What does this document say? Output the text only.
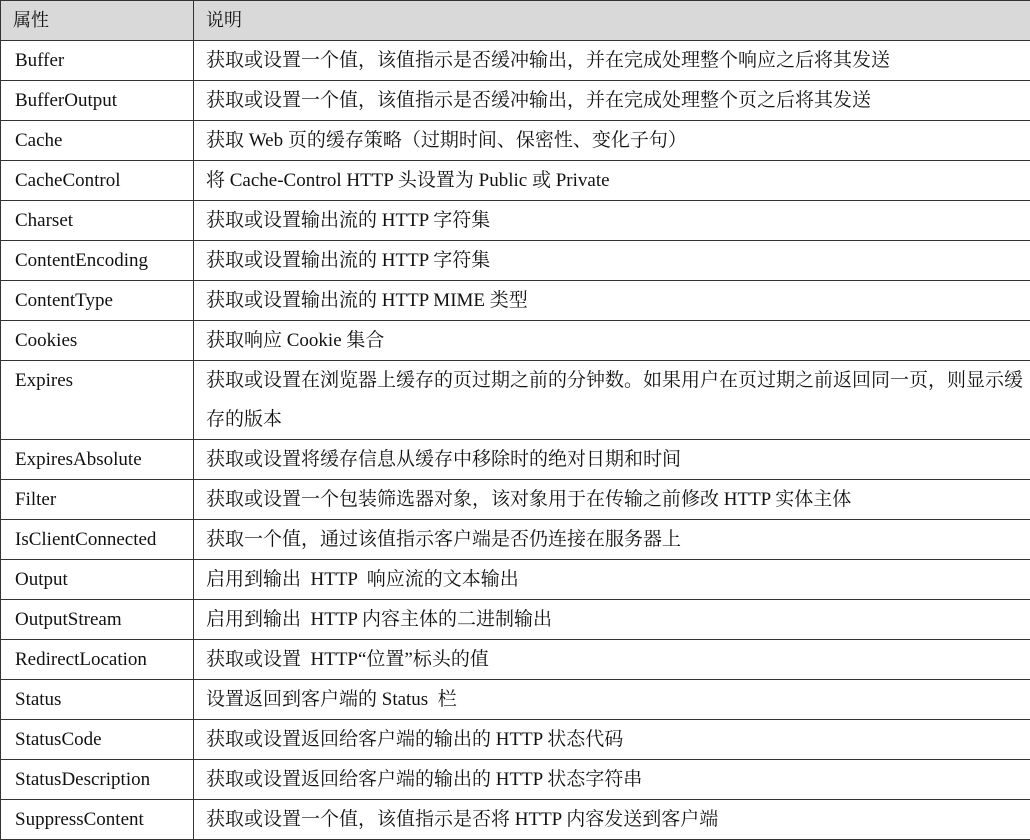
属性	说明
Buffer	获取或设置一个值，该值指示是否缓冲输出，并在完成处理整个响应之后将其发送
BufferOutput	获取或设置一个值，该值指示是否缓冲输出，并在完成处理整个页之后将其发送
Cache	获取 Web 页的缓存策略（过期时间、保密性、变化子句）
CacheControl	将 Cache-Control HTTP 头设置为 Public 或 Private
Charset	获取或设置输出流的 HTTP 字符集
ContentEncoding	获取或设置输出流的 HTTP 字符集
ContentType	获取或设置输出流的 HTTP MIME 类型
Cookies	获取响应 Cookie 集合
Expires	获取或设置在浏览器上缓存的页过期之前的分钟数。如果用户在页过期之前返回同一页，则显示缓存的版本
ExpiresAbsolute	获取或设置将缓存信息从缓存中移除时的绝对日期和时间
Filter	获取或设置一个包装筛选器对象，该对象用于在传输之前修改 HTTP 实体主体
IsClientConnected	获取一个值，通过该值指示客户端是否仍连接在服务器上
Output	启用到输出  HTTP  响应流的文本输出
OutputStream	启用到输出  HTTP 内容主体的二进制输出
RedirectLocation	获取或设置  HTTP“位置”标头的值
Status	设置返回到客户端的 Status  栏
StatusCode	获取或设置返回给客户端的输出的 HTTP 状态代码
StatusDescription	获取或设置返回给客户端的输出的 HTTP 状态字符串
SuppressContent	获取或设置一个值，该值指示是否将 HTTP 内容发送到客户端
